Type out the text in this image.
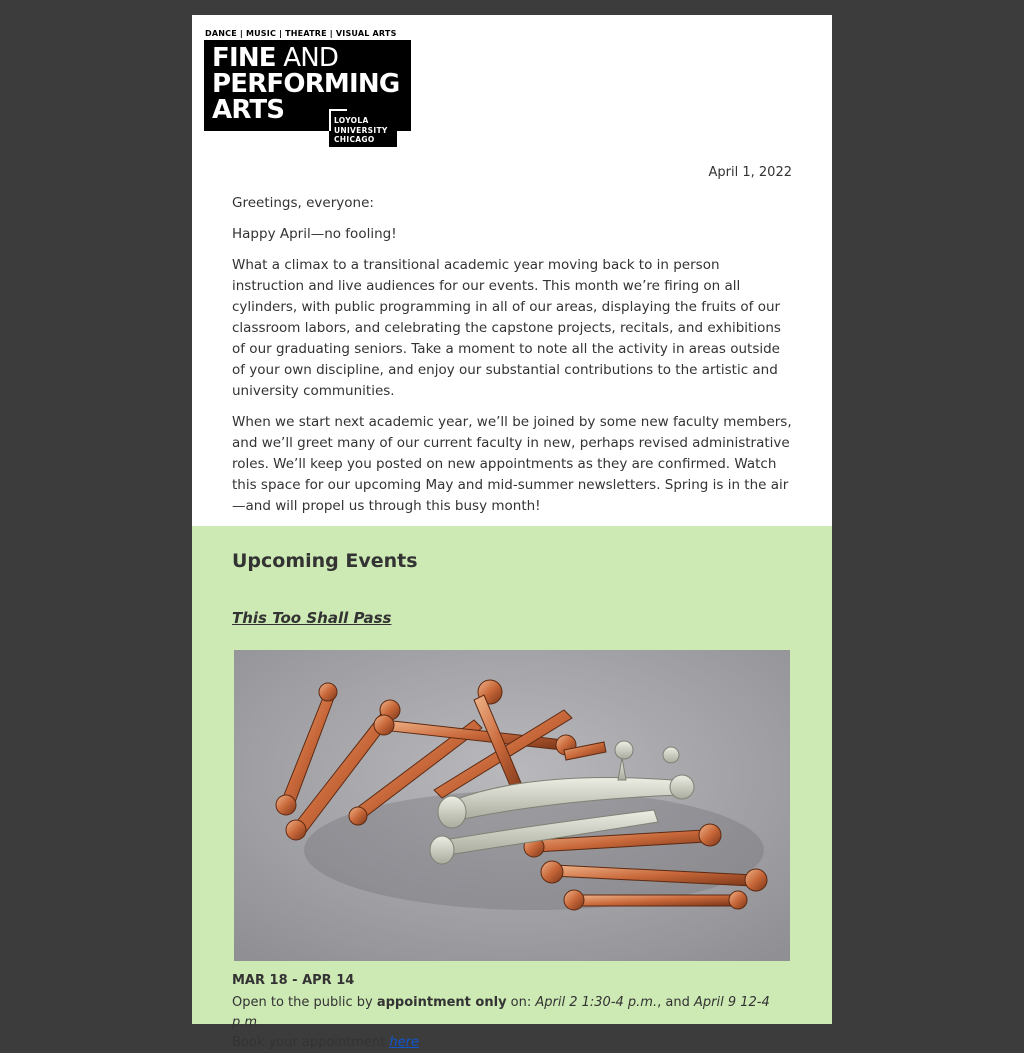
DANCE | MUSIC | THEATRE | VISUAL ARTS
FINE AND
PERFORMING
ARTS	LOYOLA
UNIVERSITY
CHICAGO
April 1, 2022

Greetings, everyone:

Happy April—no fooling!

What a climax to a transitional academic year moving back to in person instruction and live audiences for our events. This month we’re firing on all cylinders, with public programming in all of our areas, displaying the fruits of our classroom labors, and celebrating the capstone projects, recitals, and exhibitions of our graduating seniors. Take a moment to note all the activity in areas outside of your own discipline, and enjoy our substantial contributions to the artistic and university communities.

When we start next academic year, we’ll be joined by some new faculty members, and we’ll greet many of our current faculty in new, perhaps revised administrative roles. We’ll keep you posted on new appointments as they are confirmed. Watch this space for our upcoming May and mid-summer newsletters. Spring is in the air—and will propel us through this busy month!

Upcoming Events
This Too Shall Pass
MAR 18 - APR 14
Open to the public by appointment only on: April 2 1:30-4 p.m., and April 9 12-4 p.m.
Book your appointment here
